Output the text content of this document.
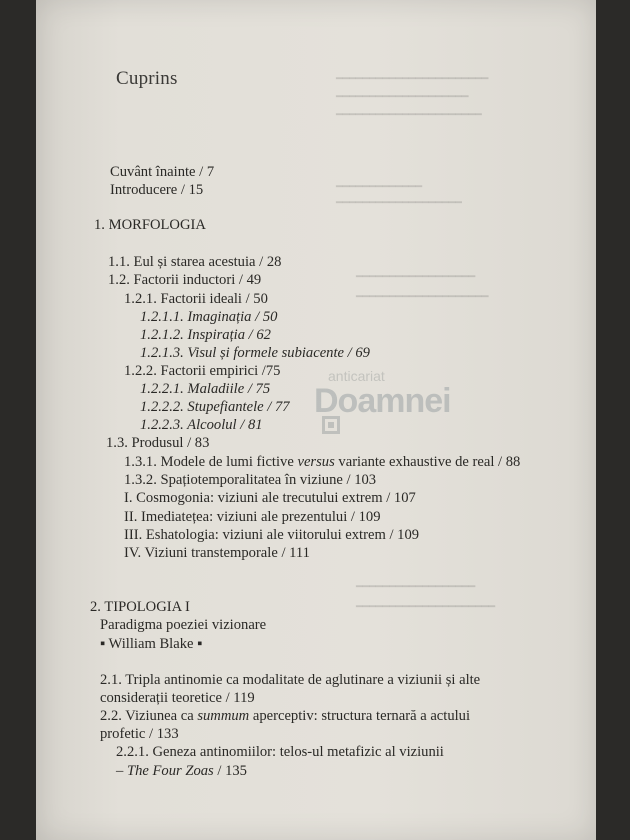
━━━━━━━━━━━━━━━━━━━━━━━
━━━━━━━━━━━━━━━━━━━━
━━━━━━━━━━━━━━━━━━━━━━
━━━━━━━━━━━━━
━━━━━━━━━━━━━━━━━━━
━━━━━━━━━━━━━━━━━━
━━━━━━━━━━━━━━━━━━━━
━━━━━━━━━━━━━━━━━━
━━━━━━━━━━━━━━━━━━━━━
Cuprins
Cuvânt înainte / 7
Introducere / 15
1. MORFOLOGIA
1.1. Eul și starea acestuia / 28
1.2. Factorii inductori / 49
1.2.1. Factorii ideali / 50
1.2.1.1. Imaginația / 50
1.2.1.2. Inspirația / 62
1.2.1.3. Visul și formele subiacente / 69
1.2.2. Factorii empirici /75
1.2.2.1. Maladiile / 75
1.2.2.2. Stupefiantele / 77
1.2.2.3. Alcoolul / 81
1.3. Produsul / 83
1.3.1. Modele de lumi fictive versus variante exhaustive de real / 88
1.3.2. Spațiotemporalitatea în viziune / 103
I. Cosmogonia: viziuni ale trecutului extrem / 107
II. Imediatețea: viziuni ale prezentului / 109
III. Eshatologia: viziuni ale viitorului extrem / 109
IV. Viziuni transtemporale / 111
2. TIPOLOGIA I
Paradigma poeziei vizionare
▪ William Blake ▪
2.1. Tripla antinomie ca modalitate de aglutinare a viziunii și alte
considerații teoretice / 119
2.2. Viziunea ca summum aperceptiv: structura ternară a actului
profetic / 133
2.2.1. Geneza antinomiilor: telos-ul metafizic al viziunii
– The Four Zoas / 135
anticariat
Doamnei
